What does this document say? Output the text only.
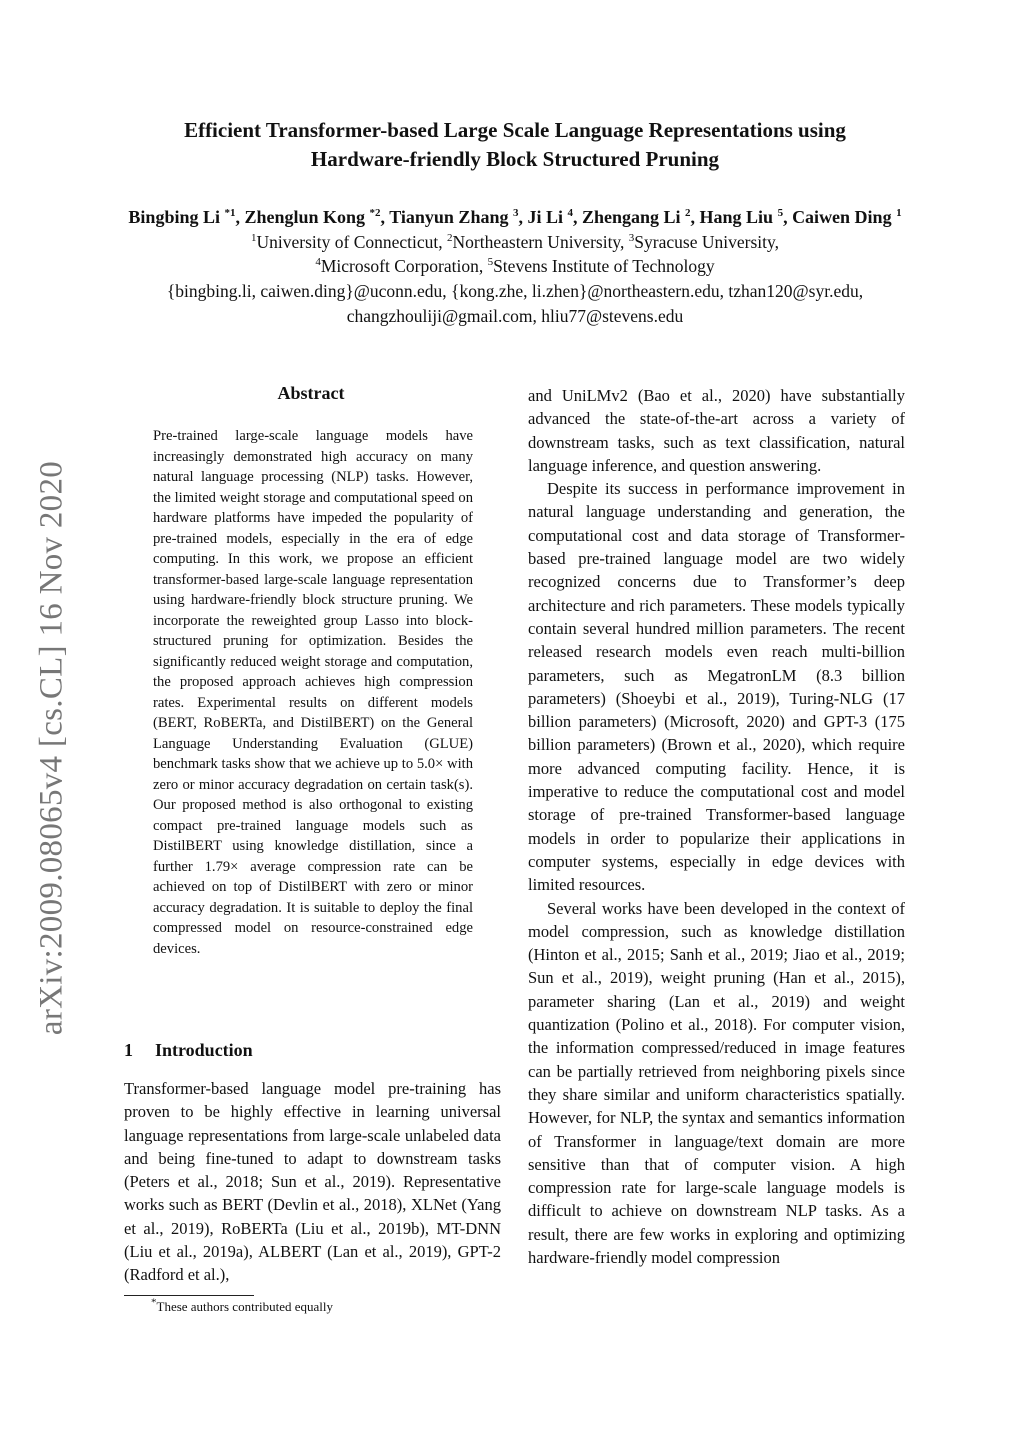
arXiv:2009.08065v4 [cs.CL] 16 Nov 2020
Efficient Transformer-based Large Scale Language Representations using
Hardware-friendly Block Structured Pruning
Bingbing Li $^{*1}$, Zhenglun Kong $^{*2}$, Tianyun Zhang $^3$, Ji Li $^4$, Zhengang Li $^2$, Hang Liu $^5$, Caiwen Ding $^1$
$^1$University of Connecticut, $^2$Northeastern University, $^3$Syracuse University,
$^4$Microsoft Corporation, $^5$Stevens Institute of Technology
{bingbing.li, caiwen.ding}@uconn.edu, {kong.zhe, li.zhen}@northeastern.edu, tzhan120@syr.edu,
changzhouliji@gmail.com, hliu77@stevens.edu
Abstract
Pre-trained large-scale language models have increasingly demonstrated high accuracy on many natural language processing (NLP) tasks. However, the limited weight storage and computational speed on hardware platforms have impeded the popularity of pre-trained models, especially in the era of edge computing. In this work, we propose an efficient transformer-based large-scale language representation using hardware-friendly block structure pruning. We incorporate the reweighted group Lasso into block-structured pruning for optimization. Besides the significantly reduced weight storage and computation, the proposed approach achieves high compression rates. Experimental results on different models (BERT, RoBERTa, and DistilBERT) on the General Language Understanding Evaluation (GLUE) benchmark tasks show that we achieve up to 5.0× with zero or minor accuracy degradation on certain task(s). Our proposed method is also orthogonal to existing compact pre-trained language models such as DistilBERT using knowledge distillation, since a further 1.79× average compression rate can be achieved on top of DistilBERT with zero or minor accuracy degradation. It is suitable to deploy the final compressed model on resource-constrained edge devices.
1 Introduction
Transformer-based language model pre-training has proven to be highly effective in learning universal language representations from large-scale unlabeled data and being fine-tuned to adapt to downstream tasks (Peters et al., 2018; Sun et al., 2019). Representative works such as BERT (Devlin et al., 2018), XLNet (Yang et al., 2019), RoBERTa (Liu et al., 2019b), MT-DNN (Liu et al., 2019a), ALBERT (Lan et al., 2019), GPT-2 (Radford et al.),
*These authors contributed equally

and UniLMv2 (Bao et al., 2020) have substantially advanced the state-of-the-art across a variety of downstream tasks, such as text classification, natural language inference, and question answering.

Despite its success in performance improvement in natural language understanding and generation, the computational cost and data storage of Transformer-based pre-trained language model are two widely recognized concerns due to Transformer’s deep architecture and rich parameters. These models typically contain several hundred million parameters. The recent released research models even reach multi-billion parameters, such as MegatronLM (8.3 billion parameters) (Shoeybi et al., 2019), Turing-NLG (17 billion parameters) (Microsoft, 2020) and GPT-3 (175 billion parameters) (Brown et al., 2020), which require more advanced computing facility. Hence, it is imperative to reduce the computational cost and model storage of pre-trained Transformer-based language models in order to popularize their applications in computer systems, especially in edge devices with limited resources.

Several works have been developed in the context of model compression, such as knowledge distillation (Hinton et al., 2015; Sanh et al., 2019; Jiao et al., 2019; Sun et al., 2019), weight pruning (Han et al., 2015), parameter sharing (Lan et al., 2019) and weight quantization (Polino et al., 2018). For computer vision, the information compressed/reduced in image features can be partially retrieved from neighboring pixels since they share similar and uniform characteristics spatially. However, for NLP, the syntax and semantics information of Transformer in language/text domain are more sensitive than that of computer vision. A high compression rate for large-scale language models is difficult to achieve on downstream NLP tasks. As a result, there are few works in exploring and optimizing hardware-friendly model compression
